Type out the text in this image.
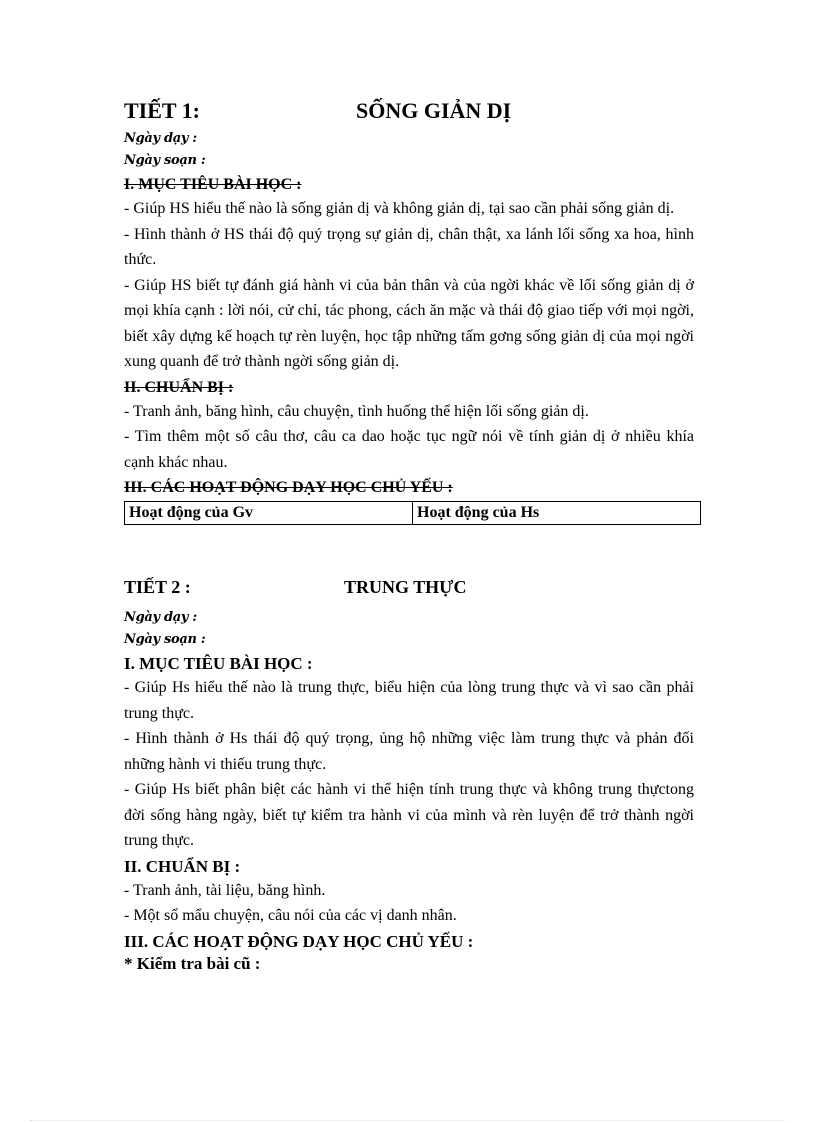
TIẾT 1:	SỐNG GIẢN DỊ
Ngày dạy :
Ngày soạn :
I. MỤC TIÊU BÀI HỌC :

- Giúp HS hiểu thế nào là sống giản dị và không giản dị, tại sao cần phải sống giản dị.

- Hình thành ở HS thái độ quý trọng sự giản dị, chân thật, xa lánh lối sống xa hoa, hình thức.

- Giúp HS biết tự đánh giá hành vi của bản thân và của ngời khác về lối sống giản dị ở mọi khía cạnh : lời nói, cử chỉ, tác phong, cách ăn mặc và thái độ giao tiếp với mọi ngời, biết xây dựng kế hoạch tự rèn luyện, học tập những tấm gơng sống giản dị của mọi ngời xung quanh để trở thành ngời sống giản dị.

II. CHUẨN BỊ :

- Tranh ảnh, băng hình, câu chuyện, tình huống thể hiện lối sống giản dị.

- Tìm thêm một số câu thơ, câu ca dao hoặc tục ngữ nói về tính giản dị ở nhiều khía cạnh khác nhau.

III. CÁC HOẠT ĐỘNG DẠY HỌC CHỦ YẾU :
Hoạt động của Gv	Hoạt động của Hs
TIẾT 2 :	TRUNG THỰC
Ngày dạy :
Ngày soạn :
I. MỤC TIÊU BÀI HỌC :

- Giúp Hs hiểu thế nào là trung thực, biểu hiện của lòng trung thực và vì sao cần phải trung thực.

- Hình thành ở Hs thái độ quý trọng, ủng hộ những việc làm trung thực và phản đối những hành vi thiếu trung thực.

- Giúp Hs biết phân biệt các hành vi thể hiện tính trung thực và không trung thựctong đời sống hàng ngày, biết tự kiểm tra hành vi của mình và rèn luyện để trở thành ngời trung thực.

II. CHUẨN BỊ :

- Tranh ảnh, tài liệu, băng hình.

- Một số mẩu chuyện, câu nói của các vị danh nhân.

III. CÁC HOẠT ĐỘNG DẠY HỌC CHỦ YẾU :
* Kiểm tra bài cũ :
